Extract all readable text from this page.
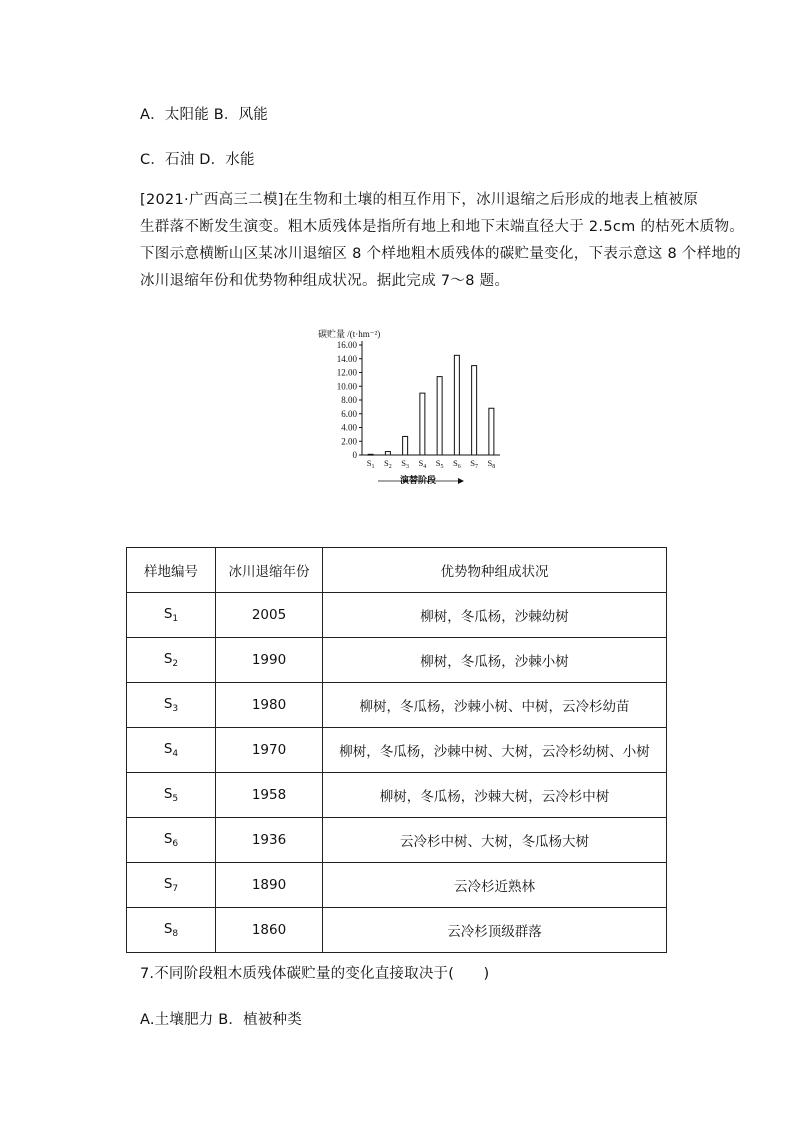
A．太阳能 B．风能
C．石油 D．水能
[2021·广西高三二模]在生物和土壤的相互作用下，冰川退缩之后形成的地表上植被原
生群落不断发生演变。粗木质残体是指所有地上和地下末端直径大于 2.5cm 的枯死木质物。
下图示意横断山区某冰川退缩区 8 个样地粗木质残体的碳贮量变化，下表示意这 8 个样地的
冰川退缩年份和优势物种组成状况。据此完成 7～8 题。
碳贮量 /(t·hm⁻²)
0
2.00
4.00
6.00
8.00
10.00
12.00
14.00
16.00
$S_1$ $S_2$ $S_3$ $S_4$ $S_5$ $S_6$ $S_7$ $S_8$
演替阶段
样地编号	冰川退缩年份	优势物种组成状况
$S_1$	2005	柳树，冬瓜杨，沙棘幼树
$S_2$	1990	柳树，冬瓜杨，沙棘小树
$S_3$	1980	柳树，冬瓜杨，沙棘小树、中树，云冷杉幼苗
$S_4$	1970	柳树，冬瓜杨，沙棘中树、大树，云冷杉幼树、小树
$S_5$	1958	柳树，冬瓜杨，沙棘大树，云冷杉中树
$S_6$	1936	云冷杉中树、大树，冬瓜杨大树
$S_7$	1890	云冷杉近熟林
$S_8$	1860	云冷杉顶级群落
7.不同阶段粗木质残体碳贮量的变化直接取决于(　　)
A.土壤肥力 B．植被种类
